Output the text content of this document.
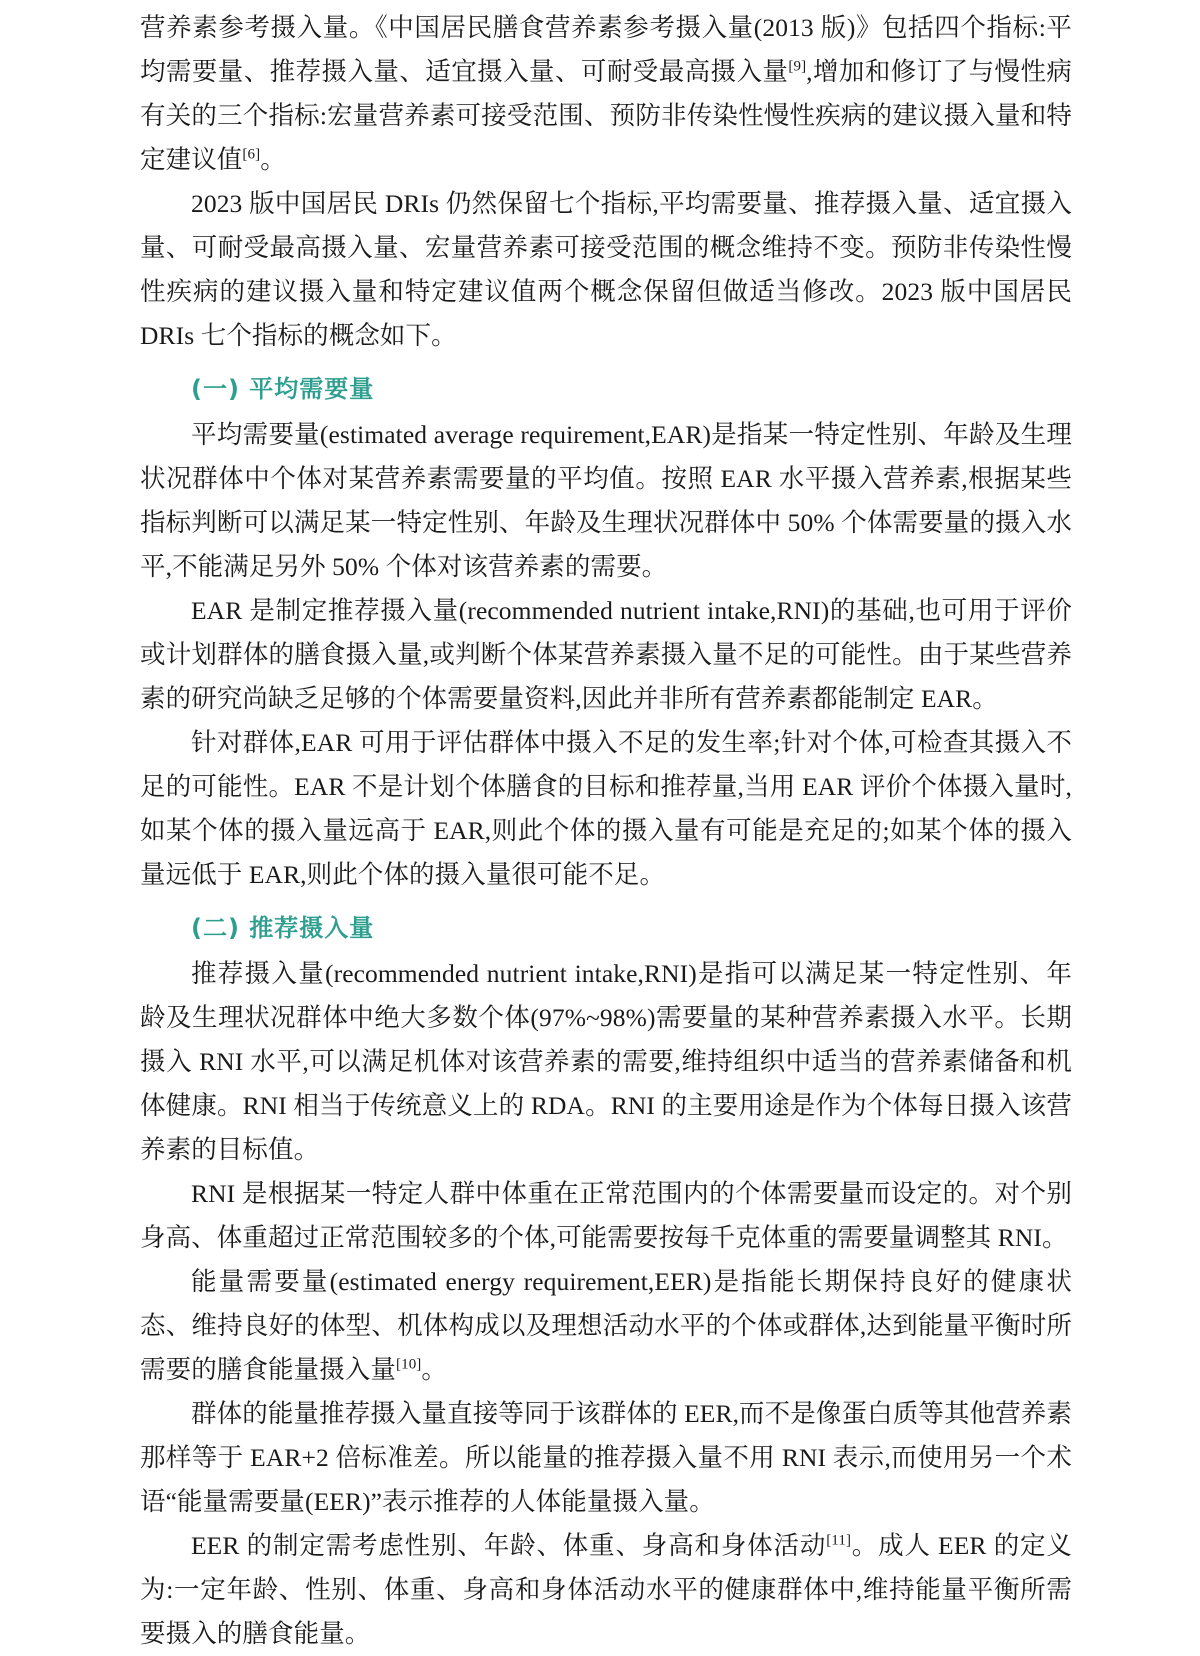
营养素参考摄入量。《中国居民膳食营养素参考摄入量(2013 版)》包括四个指标:平均需要量、推荐摄入量、适宜摄入量、可耐受最高摄入量[9],增加和修订了与慢性病有关的三个指标:宏量营养素可接受范围、预防非传染性慢性疾病的建议摄入量和特定建议值[6]。

2023 版中国居民 DRIs 仍然保留七个指标,平均需要量、推荐摄入量、适宜摄入量、可耐受最高摄入量、宏量营养素可接受范围的概念维持不变。预防非传染性慢性疾病的建议摄入量和特定建议值两个概念保留但做适当修改。2023 版中国居民 DRIs 七个指标的概念如下。

(一) 平均需要量

平均需要量(estimated average requirement,EAR)是指某一特定性别、年龄及生理状况群体中个体对某营养素需要量的平均值。按照 EAR 水平摄入营养素,根据某些指标判断可以满足某一特定性别、年龄及生理状况群体中 50% 个体需要量的摄入水平,不能满足另外 50% 个体对该营养素的需要。

EAR 是制定推荐摄入量(recommended nutrient intake,RNI)的基础,也可用于评价或计划群体的膳食摄入量,或判断个体某营养素摄入量不足的可能性。由于某些营养素的研究尚缺乏足够的个体需要量资料,因此并非所有营养素都能制定 EAR。

针对群体,EAR 可用于评估群体中摄入不足的发生率;针对个体,可检查其摄入不足的可能性。EAR 不是计划个体膳食的目标和推荐量,当用 EAR 评价个体摄入量时,如某个体的摄入量远高于 EAR,则此个体的摄入量有可能是充足的;如某个体的摄入量远低于 EAR,则此个体的摄入量很可能不足。

(二) 推荐摄入量

推荐摄入量(recommended nutrient intake,RNI)是指可以满足某一特定性别、年龄及生理状况群体中绝大多数个体(97%~98%)需要量的某种营养素摄入水平。长期摄入 RNI 水平,可以满足机体对该营养素的需要,维持组织中适当的营养素储备和机体健康。RNI 相当于传统意义上的 RDA。RNI 的主要用途是作为个体每日摄入该营养素的目标值。

RNI 是根据某一特定人群中体重在正常范围内的个体需要量而设定的。对个别身高、体重超过正常范围较多的个体,可能需要按每千克体重的需要量调整其 RNI。

能量需要量(estimated energy requirement,EER)是指能长期保持良好的健康状态、维持良好的体型、机体构成以及理想活动水平的个体或群体,达到能量平衡时所需要的膳食能量摄入量[10]。

群体的能量推荐摄入量直接等同于该群体的 EER,而不是像蛋白质等其他营养素那样等于 EAR+2 倍标准差。所以能量的推荐摄入量不用 RNI 表示,而使用另一个术语“能量需要量(EER)”表示推荐的人体能量摄入量。

EER 的制定需考虑性别、年龄、体重、身高和身体活动[11]。成人 EER 的定义为:一定年龄、性别、体重、身高和身体活动水平的健康群体中,维持能量平衡所需要摄入的膳食能量。
